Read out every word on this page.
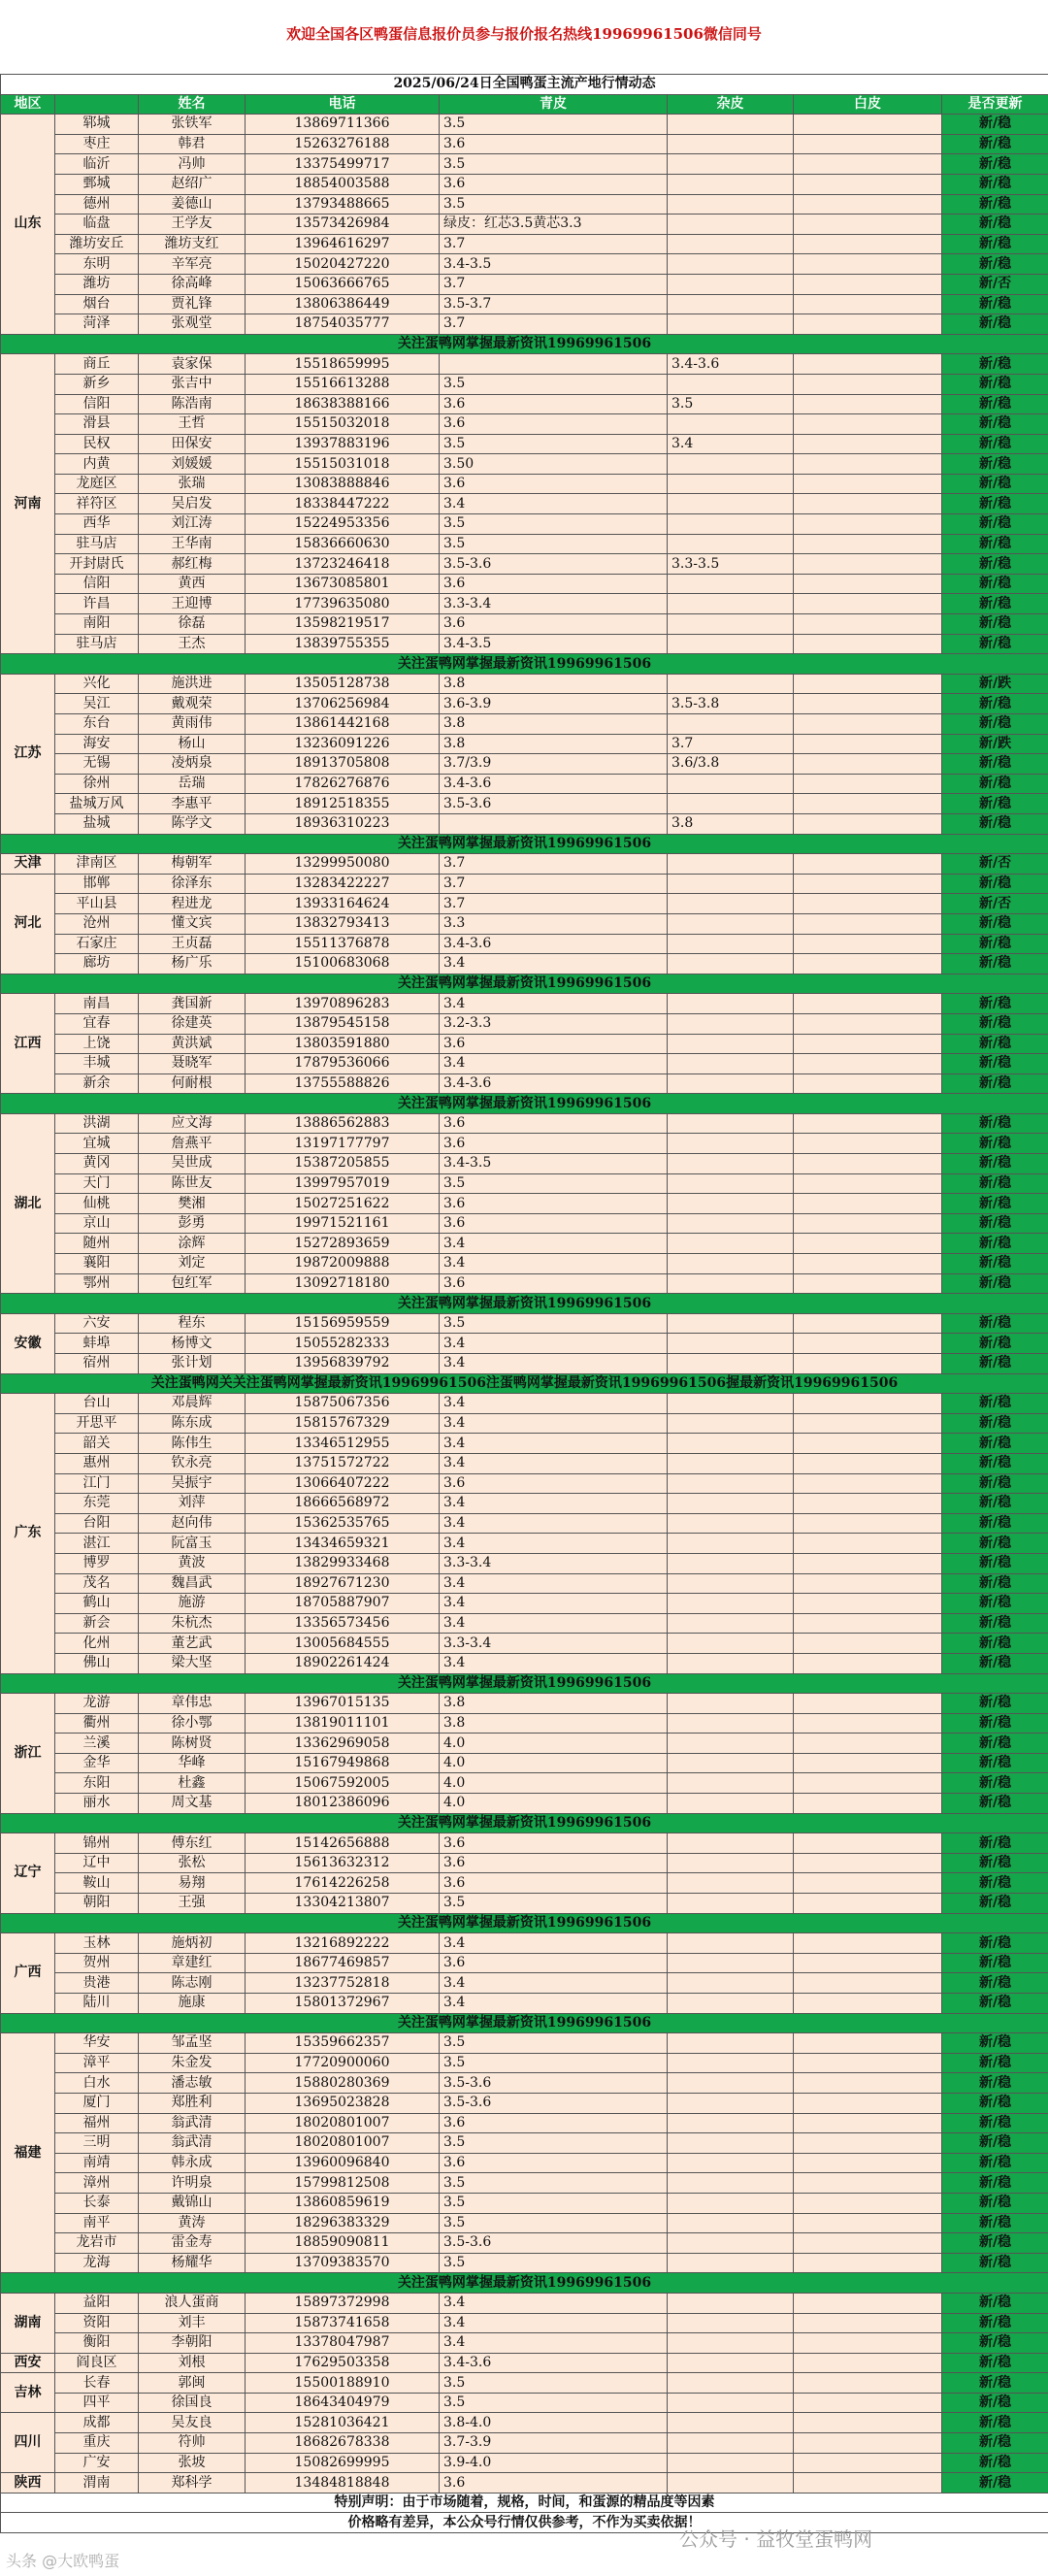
欢迎全国各区鸭蛋信息报价员参与报价报名热线19969961506微信同号
2025/06/24日全国鸭蛋主流产地行情动态							
地区		姓名	电话	青皮	杂皮	白皮	是否更新
山东	郓城	张铁军	13869711366	3.5			新/稳
	枣庄	韩君	15263276188	3.6			新/稳
	临沂	冯帅	13375499717	3.5			新/稳
	鄄城	赵绍广	18854003588	3.6			新/稳
	德州	姜德山	13793488665	3.5			新/稳
	临盘	王学友	13573426984	绿皮：红芯3.5黄芯3.3			新/稳
	潍坊安丘	潍坊支红	13964616297	3.7			新/稳
	东明	辛军亮	15020427220	3.4-3.5			新/稳
	潍坊	徐高峰	15063666765	3.7			新/否
	烟台	贾礼锋	13806386449	3.5-3.7			新/稳
	菏泽	张观堂	18754035777	3.7			新/稳
关注蛋鸭网掌握最新资讯19969961506							
河南	商丘	袁家保	15518659995		3.4-3.6		新/稳
	新乡	张吉中	15516613288	3.5			新/稳
	信阳	陈浩南	18638388166	3.6	3.5		新/稳
	滑县	王哲	15515032018	3.6			新/稳
	民权	田保安	13937883196	3.5	3.4		新/稳
	内黄	刘媛媛	15515031018	3.50			新/稳
	龙庭区	张瑞	13083888846	3.6			新/稳
	祥符区	吴启发	18338447222	3.4			新/稳
	西华	刘江涛	15224953356	3.5			新/稳
	驻马店	王华南	15836660630	3.5			新/稳
	开封尉氏	郝红梅	13723246418	3.5-3.6	3.3-3.5		新/稳
	信阳	黄西	13673085801	3.6			新/稳
	许昌	王迎博	17739635080	3.3-3.4			新/稳
	南阳	徐磊	13598219517	3.6			新/稳
	驻马店	王杰	13839755355	3.4-3.5			新/稳
关注蛋鸭网掌握最新资讯19969961506							
江苏	兴化	施洪进	13505128738	3.8			新/跌
	吴江	戴观荣	13706256984	3.6-3.9	3.5-3.8		新/稳
	东台	黄雨伟	13861442168	3.8			新/稳
	海安	杨山	13236091226	3.8	3.7		新/跌
	无锡	凌炳泉	18913705808	3.7/3.9	3.6/3.8		新/稳
	徐州	岳瑞	17826276876	3.4-3.6			新/稳
	盐城万风	李惠平	18912518355	3.5-3.6			新/稳
	盐城	陈学文	18936310223		3.8		新/稳
关注蛋鸭网掌握最新资讯19969961506							
天津	津南区	梅朝军	13299950080	3.7			新/否
河北	邯郸	徐泽东	13283422227	3.7			新/稳
	平山县	程进龙	13933164624	3.7			新/否
	沧州	懂文宾	13832793413	3.3			新/稳
	石家庄	王贞磊	15511376878	3.4-3.6			新/稳
	廊坊	杨广乐	15100683068	3.4			新/稳
关注蛋鸭网掌握最新资讯19969961506							
江西	南昌	龚国新	13970896283	3.4			新/稳
	宜春	徐建英	13879545158	3.2-3.3			新/稳
	上饶	黄洪斌	13803591880	3.6			新/稳
	丰城	聂晓军	17879536066	3.4			新/稳
	新余	何耐根	13755588826	3.4-3.6			新/稳
关注蛋鸭网掌握最新资讯19969961506							
湖北	洪湖	应文海	13886562883	3.6			新/稳
	宜城	詹燕平	13197177797	3.6			新/稳
	黄冈	吴世成	15387205855	3.4-3.5			新/稳
	天门	陈世友	13997957019	3.5			新/稳
	仙桃	樊湘	15027251622	3.6			新/稳
	京山	彭勇	19971521161	3.6			新/稳
	随州	涂辉	15272893659	3.4			新/稳
	襄阳	刘定	19872009888	3.4			新/稳
	鄂州	包红军	13092718180	3.6			新/稳
关注蛋鸭网掌握最新资讯19969961506							
安徽	六安	程东	15156959559	3.5			新/稳
	蚌埠	杨博文	15055282333	3.4			新/稳
	宿州	张计划	13956839792	3.4			新/稳
关注蛋鸭网关关注蛋鸭网掌握最新资讯19969961506注蛋鸭网掌握最新资讯19969961506握最新资讯19969961506							
广东	台山	邓晨辉	15875067356	3.4			新/稳
	开思平	陈东成	15815767329	3.4			新/稳
	韶关	陈伟生	13346512955	3.4			新/稳
	惠州	钦永亮	13751572722	3.4			新/稳
	江门	吴振宇	13066407222	3.6			新/稳
	东莞	刘萍	18666568972	3.4			新/稳
	台阳	赵向伟	15362535765	3.4			新/稳
	湛江	阮富玉	13434659321	3.4			新/稳
	博罗	黄波	13829933468	3.3-3.4			新/稳
	茂名	魏昌武	18927671230	3.4			新/稳
	鹤山	施游	18705887907	3.4			新/稳
	新会	朱杭杰	13356573456	3.4			新/稳
	化州	董艺武	13005684555	3.3-3.4			新/稳
	佛山	梁大坚	18902261424	3.4			新/稳
关注蛋鸭网掌握最新资讯19969961506							
浙江	龙游	章伟忠	13967015135	3.8			新/稳
	衢州	徐小鄂	13819011101	3.8			新/稳
	兰溪	陈树贤	13362969058	4.0			新/稳
	金华	华峰	15167949868	4.0			新/稳
	东阳	杜鑫	15067592005	4.0			新/稳
	丽水	周文基	18012386096	4.0			新/稳
关注蛋鸭网掌握最新资讯19969961506							
辽宁	锦州	傅东红	15142656888	3.6			新/稳
	辽中	张松	15613632312	3.6			新/稳
	鞍山	易翔	17614226258	3.6			新/稳
	朝阳	王强	13304213807	3.5			新/稳
关注蛋鸭网掌握最新资讯19969961506							
广西	玉林	施炳初	13216892222	3.4			新/稳
	贺州	章建红	18677469857	3.6			新/稳
	贵港	陈志刚	13237752818	3.4			新/稳
	陆川	施康	15801372967	3.4			新/稳
关注蛋鸭网掌握最新资讯19969961506							
福建	华安	邹孟坚	15359662357	3.5			新/稳
	漳平	朱金发	17720900060	3.5			新/稳
	白水	潘志敏	15880280369	3.5-3.6			新/稳
	厦门	郑胜利	13695023828	3.5-3.6			新/稳
	福州	翁武清	18020801007	3.6			新/稳
	三明	翁武清	18020801007	3.5			新/稳
	南靖	韩永成	13960096840	3.6			新/稳
	漳州	许明泉	15799812508	3.5			新/稳
	长泰	戴锦山	13860859619	3.5			新/稳
	南平	黄涛	18296383329	3.5			新/稳
	龙岩市	雷金寿	18859090811	3.5-3.6			新/稳
	龙海	杨耀华	13709383570	3.5			新/稳
关注蛋鸭网掌握最新资讯19969961506							
湖南	益阳	浪人蛋商	15897372998	3.4			新/稳
	资阳	刘丰	15873741658	3.4			新/稳
	衡阳	李朝阳	13378047987	3.4			新/稳
西安	阎良区	刘根	17629503358	3.4-3.6			新/稳
吉林	长春	郭闽	15500188910	3.5			新/稳
	四平	徐国良	18643404979	3.5			新/稳
四川	成都	吴友良	15281036421	3.8-4.0			新/稳
	重庆	符帅	18682678338	3.7-3.9			新/稳
	广安	张坡	15082699995	3.9-4.0			新/稳
陕西	渭南	郑科学	13484818848	3.6			新/稳
特别声明：由于市场随着，规格，时间，和蛋源的精品度等因素							
价格略有差异，本公众号行情仅供参考，不作为买卖依据！							
公众号 · 益牧堂蛋鸭网
头条 @大欧鸭蛋
